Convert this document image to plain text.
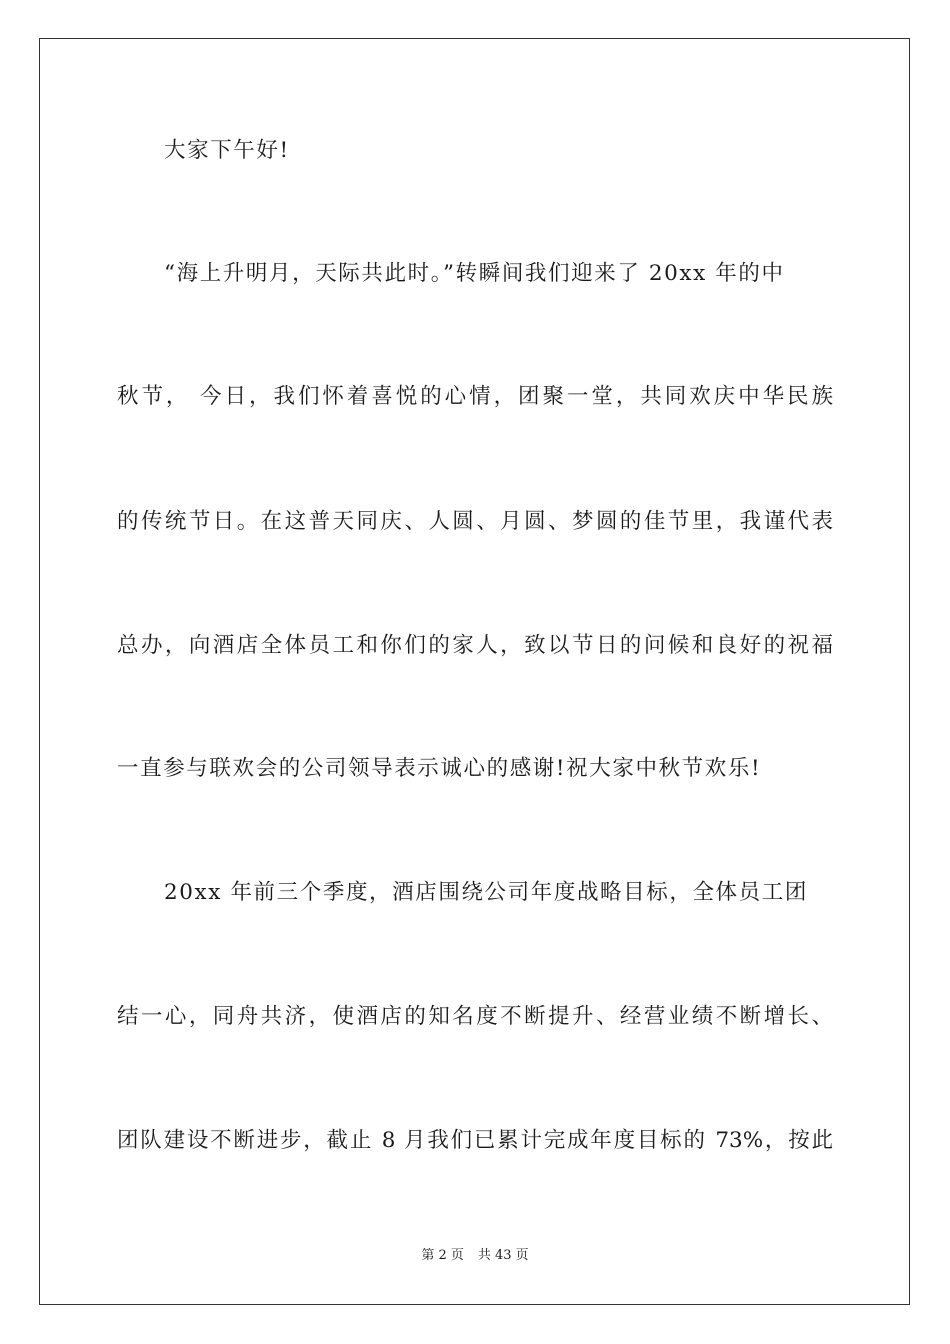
大家下午好!
“海上升明月，天际共此时。”转瞬间我们迎来了 20xx 年的中
秋节， 今日，我们怀着喜悦的心情，团聚一堂，共同欢庆中华民族
的传统节日。在这普天同庆、人圆、月圆、梦圆的佳节里，我谨代表
总办，向酒店全体员工和你们的家人，致以节日的问候和良好的祝福
一直参与联欢会的公司领导表示诚心的感谢!祝大家中秋节欢乐!
20xx 年前三个季度，酒店围绕公司年度战略目标，全体员工团
结一心，同舟共济，使酒店的知名度不断提升、经营业绩不断增长、
团队建设不断进步，截止 8 月我们已累计完成年度目标的 73%，按此
第 2 页 共 43 页
